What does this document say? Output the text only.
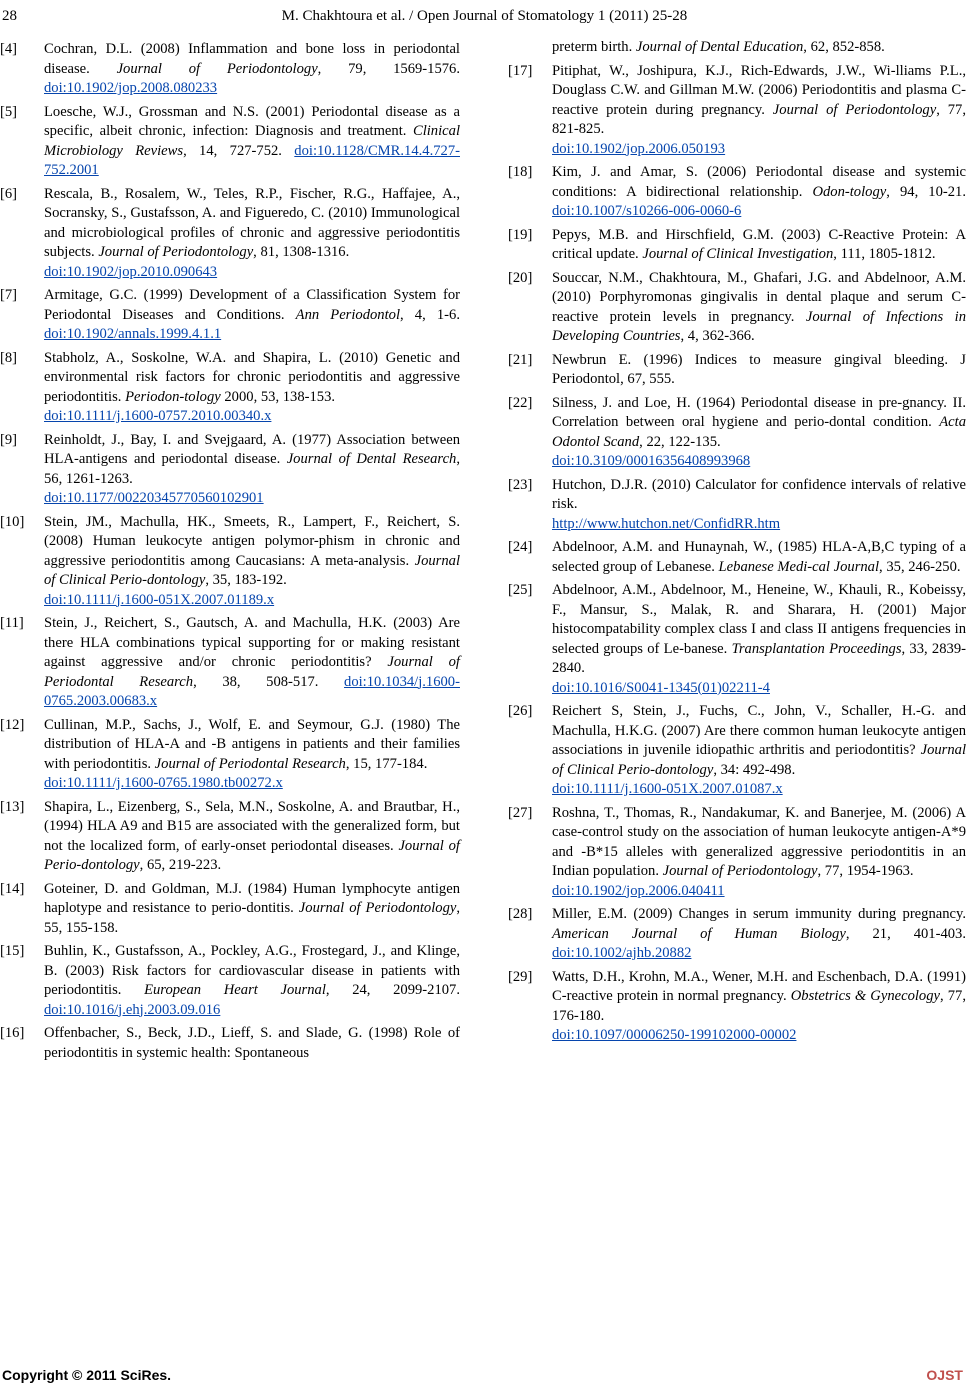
28	M. Chakhtoura et al. / Open Journal of Stomatology 1 (2011) 25-28
[4]	Cochran, D.L. (2008) Inflammation and bone loss in periodontal disease. Journal of Periodontology, 79, 1569-1576. doi:10.1902/jop.2008.080233
[5]	Loesche, W.J., Grossman and N.S. (2001) Periodontal disease as a specific, albeit chronic, infection: Diagnosis and treatment. Clinical Microbiology Reviews, 14, 727-752. doi:10.1128/CMR.14.4.727-752.2001
[6]	Rescala, B., Rosalem, W., Teles, R.P., Fischer, R.G., Haffajee, A., Socransky, S., Gustafsson, A. and Figueredo, C. (2010) Immunological and microbiological profiles of chronic and aggressive periodontitis subjects. Journal of Periodontology, 81, 1308-1316.
doi:10.1902/jop.2010.090643
[7]	Armitage, G.C. (1999) Development of a Classification System for Periodontal Diseases and Conditions. Ann Periodontol, 4, 1-6. doi:10.1902/annals.1999.4.1.1
[8]	Stabholz, A., Soskolne, W.A. and Shapira, L. (2010) Genetic and environmental risk factors for chronic periodontitis and aggressive periodontitis. Periodon-tology 2000, 53, 138-153.
doi:10.1111/j.1600-0757.2010.00340.x
[9]	Reinholdt, J., Bay, I. and Svejgaard, A. (1977) Association between HLA-antigens and periodontal disease. Journal of Dental Research, 56, 1261-1263.
doi:10.1177/00220345770560102901
[10]	Stein, JM., Machulla, HK., Smeets, R., Lampert, F., Reichert, S. (2008) Human leukocyte antigen polymor-phism in chronic and aggressive periodontitis among Caucasians: A meta-analysis. Journal of Clinical Perio-dontology, 35, 183-192.
doi:10.1111/j.1600-051X.2007.01189.x
[11]	Stein, J., Reichert, S., Gautsch, A. and Machulla, H.K. (2003) Are there HLA combinations typical supporting for or making resistant against aggressive and/or chronic periodontitis? Journal of Periodontal Research, 38, 508-517. doi:10.1034/j.1600-0765.2003.00683.x
[12]	Cullinan, M.P., Sachs, J., Wolf, E. and Seymour, G.J. (1980) The distribution of HLA-A and -B antigens in patients and their families with periodontitis. Journal of Periodontal Research, 15, 177-184.
doi:10.1111/j.1600-0765.1980.tb00272.x
[13]	Shapira, L., Eizenberg, S., Sela, M.N., Soskolne, A. and Brautbar, H., (1994) HLA A9 and B15 are associated with the generalized form, but not the localized form, of early-onset periodontal diseases. Journal of Perio-dontology, 65, 219-223.
[14]	Goteiner, D. and Goldman, M.J. (1984) Human lymphocyte antigen haplotype and resistance to perio-dontitis. Journal of Periodontology, 55, 155-158.
[15]	Buhlin, K., Gustafsson, A., Pockley, A.G., Frostegard, J., and Klinge, B. (2003) Risk factors for cardiovascular disease in patients with periodontitis. European Heart Journal, 24, 2099-2107. doi:10.1016/j.ehj.2003.09.016
[16]	Offenbacher, S., Beck, J.D., Lieff, S. and Slade, G. (1998) Role of periodontitis in systemic health: Spontaneous
preterm birth. Journal of Dental Education, 62, 852-858.
[17]	Pitiphat, W., Joshipura, K.J., Rich-Edwards, J.W., Wi-lliams P.L., Douglass C.W. and Gillman M.W. (2006) Periodontitis and plasma C-reactive protein during pregnancy. Journal of Periodontology, 77, 821-825.
doi:10.1902/jop.2006.050193
[18]	Kim, J. and Amar, S. (2006) Periodontal disease and systemic conditions: A bidirectional relationship. Odon-tology, 94, 10-21. doi:10.1007/s10266-006-0060-6
[19]	Pepys, M.B. and Hirschfield, G.M. (2003) C-Reactive Protein: A critical update. Journal of Clinical Investigation, 111, 1805-1812.
[20]	Souccar, N.M., Chakhtoura, M., Ghafari, J.G. and Abdelnoor, A.M. (2010) Porphyromonas gingivalis in dental plaque and serum C-reactive protein levels in pregnancy. Journal of Infections in Developing Countries, 4, 362-366.
[21]	Newbrun E. (1996) Indices to measure gingival bleeding. J Periodontol, 67, 555.
[22]	Silness, J. and Loe, H. (1964) Periodontal disease in pre-gnancy. II. Correlation between oral hygiene and perio-dontal condition. Acta Odontol Scand, 22, 122-135.
doi:10.3109/00016356408993968
[23]	Hutchon, D.J.R. (2010) Calculator for confidence intervals of relative risk.
http://www.hutchon.net/ConfidRR.htm
[24]	Abdelnoor, A.M. and Hunaynah, W., (1985) HLA-A,B,C typing of a selected group of Lebanese. Lebanese Medi-cal Journal, 35, 246-250.
[25]	Abdelnoor, A.M., Abdelnoor, M., Heneine, W., Khauli, R., Kobeissy, F., Mansur, S., Malak, R. and Sharara, H. (2001) Major histocompatability complex class I and class II antigens frequencies in selected groups of Le-banese. Transplantation Proceedings, 33, 2839-2840.
doi:10.1016/S0041-1345(01)02211-4
[26]	Reichert S, Stein, J., Fuchs, C., John, V., Schaller, H.-G. and Machulla, H.K.G. (2007) Are there common human leukocyte antigen associations in juvenile idiopathic arthritis and periodontitis? Journal of Clinical Perio-dontology, 34: 492-498.
doi:10.1111/j.1600-051X.2007.01087.x
[27]	Roshna, T., Thomas, R., Nandakumar, K. and Banerjee, M. (2006) A case-control study on the association of human leukocyte antigen-A*9 and -B*15 alleles with generalized aggressive periodontitis in an Indian population. Journal of Periodontology, 77, 1954-1963.
doi:10.1902/jop.2006.040411
[28]	Miller, E.M. (2009) Changes in serum immunity during pregnancy. American Journal of Human Biology, 21, 401-403. doi:10.1002/ajhb.20882
[29]	Watts, D.H., Krohn, M.A., Wener, M.H. and Eschenbach, D.A. (1991) C-reactive protein in normal pregnancy. Obstetrics & Gynecology, 77, 176-180.
doi:10.1097/00006250-199102000-00002
Copyright © 2011 SciRes.	OJST
